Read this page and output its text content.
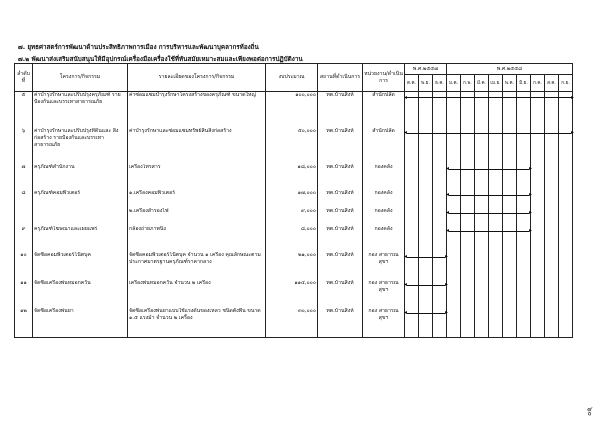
๗. ยุทธศาสตร์การพัฒนาด้านประสิทธิภาพการเมือง การบริหารและพัฒนาบุคลากรท้องถิ่น
๗.๒ พัฒนาส่งเสริมสนับสนุนให้มีอุปกรณ์เครื่องมือเครื่องใช้ที่ทันสมัยเหมาะสมและเพียงพอต่อการปฏิบัติงาน
ลำดับที่	โครงการ/กิจกรรม	รายละเอียดของโครงการ/กิจกรรม	งบประมาณ	สถานที่ดำเนินการ	หน่วยงาน/ดำเนินการ	พ.ศ.๒๕๕๗			พ.ศ.๒๕๕๘								
						ต.ค.	พ.ย.	ธ.ค.	ม.ค.	ก.พ.	มี.ค.	เม.ย.	พ.ค.	มิ.ย.	ก.ค.	ส.ค.	ก.ย.
๕	ค่าบำรุงรักษาและปรับปรุงครุภัณฑ์ รายป้องกันและบรรเทาสาธารณภัย	ค่าซ่อมแซมบำรุงรักษาโครงสร้างของครุภัณฑ์ ขนาดใหญ่	๑๐๐,๐๐๐	ทต.บ้านสิงห์	สำนักปลัด	
◂ ▸

๖	ค่าบำรุงรักษาและปรับปรุงที่ดินและ สิ่งก่อสร้าง รายป้องกันและบรรเทาสาธารณภัย	ค่าบำรุงรักษาและซ่อมแซมทรัพย์สินสิ่งก่อสร้าง	๕๐,๐๐๐	ทต.บ้านสิงห์	สำนักปลัด	
◂ ▸

๗	ครุภัณฑ์สำนักงาน	เครื่องโทรสาร	๑๘,๐๐๐	ทต.บ้านสิงห์	กองคลัง				
◂ ▸

๘	ครุภัณฑ์คอมพิวเตอร์	๑.เครื่องคอมพิวเตอร์	๑๗,๐๐๐	ทต.บ้านสิงห์	กองคลัง				
◂ ▸

		๒.เครื่องสำรองไฟ	๙,๐๐๐	ทต.บ้านสิงห์	กองคลัง				
◂ ▸

๙	ครุภัณฑ์โฆษณาและเผยแพร่	กล้องถ่ายภาพนิ่ง	๘,๐๐๐	ทต.บ้านสิงห์	กองคลัง				
◂ ▸

๑๐	จัดซื้อคอมพิวเตอร์โน๊ตบุค	จัดซื้อคอมพิวเตอร์โน๊ตบุค จำนวน ๑ เครื่อง คุณลักษณะตามประกาศมาตรฐานครุภัณฑ์ราคากลาง	๒๑,๐๐๐	ทต.บ้านสิงห์	กอง สาธารณสุขฯ	
◂ ▸

๑๑	จัดซื้อเครื่องพ่นหมอกควัน	เครื่องพ่นหมอกควัน จำนวน ๒ เครื่อง	๑๑๔,๐๐๐	ทต.บ้านสิงห์	กอง สาธารณสุขฯ	
◂ ▸

๑๒	จัดซื้อเครื่องพ่นยา	จัดซื้อเครื่องพ่นยาแบบใช้แรงดันของเหลว ชนิดตั้งพื้น ขนาด ๑.๕ แรงม้า จำนวน ๒ เครื่อง	๓๐,๐๐๐	ทต.บ้านสิงห์	กอง สาธารณสุขฯ	
◂ ▸

๖๐
